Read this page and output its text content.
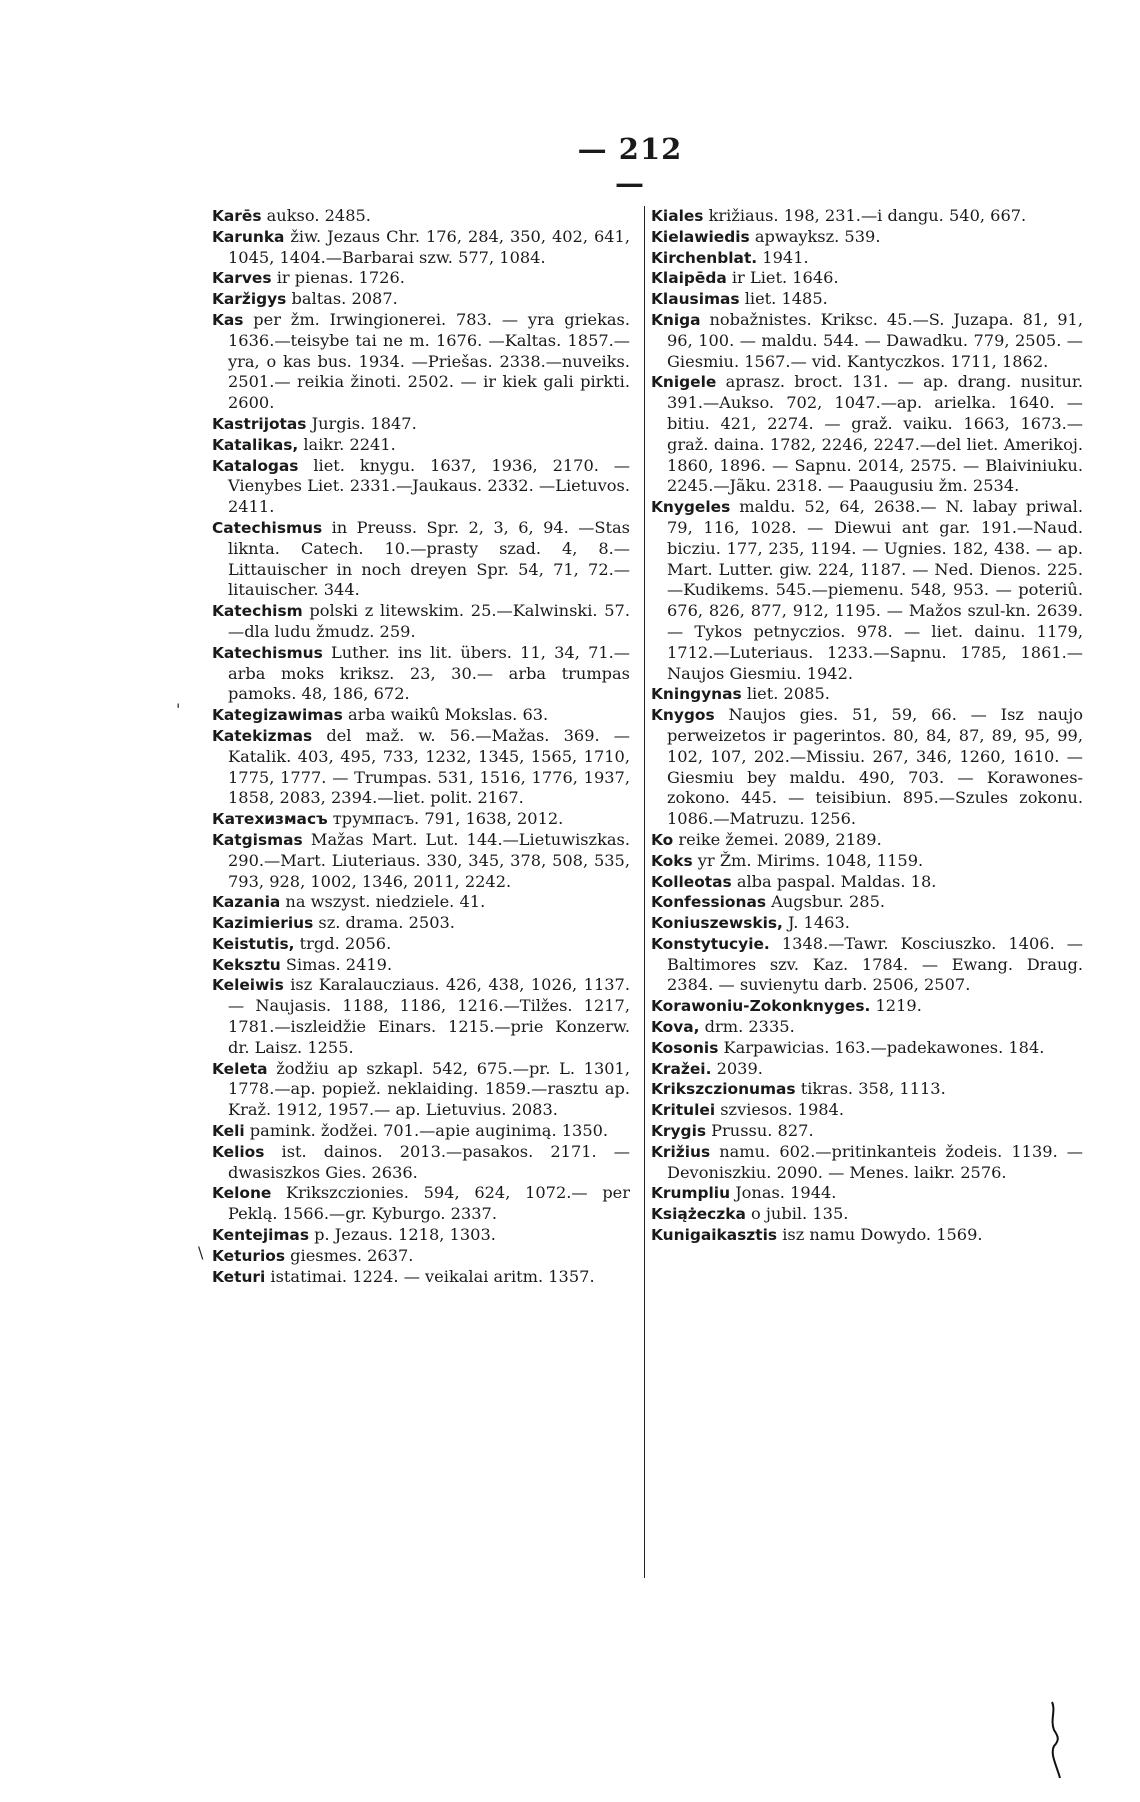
— 212 —
'
\

Karēs aukso. 2485.

Karunka žiw. Jezaus Chr. 176, 284, 350, 402, 641, 1045, 1404.—Barbarai szw. 577, 1084.

Karves ir pienas. 1726.

Karžigys baltas. 2087.

Kas per žm. Irwingionerei. 783. — yra griekas. 1636.—teisybe tai ne m. 1676. —Kaltas. 1857.—yra, o kas bus. 1934. —Priešas. 2338.—nuveiks. 2501.— reikia žinoti. 2502. — ir kiek gali pirkti. 2600.

Kastrijotas Jurgis. 1847.

Katalikas, laikr. 2241.

Katalogas liet. knygu. 1637, 1936, 2170. —Vienybes Liet. 2331.—Jaukaus. 2332. —Lietuvos. 2411.

Catechismus in Preuss. Spr. 2, 3, 6, 94. —Stas liknta. Catech. 10.—prasty szad. 4, 8.—Littauischer in noch dreyen Spr. 54, 71, 72.—litauischer. 344.

Katechism polski z litewskim. 25.—Kalwinski. 57.—dla ludu žmudz. 259.

Katechismus Luther. ins lit. übers. 11, 34, 71.—arba moks kriksz. 23, 30.— arba trumpas pamoks. 48, 186, 672.

Kategizawimas arba waikû Mokslas. 63.

Katekizmas del maž. w. 56.—Mažas. 369. —Katalik. 403, 495, 733, 1232, 1345, 1565, 1710, 1775, 1777. — Trumpas. 531, 1516, 1776, 1937, 1858, 2083, 2394.—liet. polit. 2167.

Катехизмасъ трумпасъ. 791, 1638, 2012.

Katgismas Mažas Mart. Lut. 144.—Lietuwiszkas. 290.—Mart. Liuteriaus. 330, 345, 378, 508, 535, 793, 928, 1002, 1346, 2011, 2242.

Kazania na wszyst. niedziele. 41.

Kazimierius sz. drama. 2503.

Keistutis, trgd. 2056.

Keksztu Simas. 2419.

Keleiwis isz Karalaucziaus. 426, 438, 1026, 1137. — Naujasis. 1188, 1186, 1216.—Tilžes. 1217, 1781.—iszleidžie Einars. 1215.—prie Konzerw. dr. Laisz. 1255.

Keleta žodžiu ap szkapl. 542, 675.—pr. L. 1301, 1778.—ap. popiež. neklaiding. 1859.—rasztu ap. Kraž. 1912, 1957.— ap. Lietuvius. 2083.

Keli pamink. žodžei. 701.—apie auginimą. 1350.

Kelios ist. dainos. 2013.—pasakos. 2171. —dwasiszkos Gies. 2636.

Kelone Krikszczionies. 594, 624, 1072.— per Peklą. 1566.—gr. Kyburgo. 2337.

Kentejimas p. Jezaus. 1218, 1303.

Keturios giesmes. 2637.

Keturi istatimai. 1224. — veikalai aritm. 1357.

Kiales križiaus. 198, 231.—i dangu. 540, 667.

Kielawiedis apwayksz. 539.

Kirchenblat. 1941.

Klaipēda ir Liet. 1646.

Klausimas liet. 1485.

Kniga nobažnistes. Kriksc. 45.—S. Juzapa. 81, 91, 96, 100. — maldu. 544. — Dawadku. 779, 2505. — Giesmiu. 1567.— vid. Kantyczkos. 1711, 1862.

Knigele aprasz. broct. 131. — ap. drang. nusitur. 391.—Aukso. 702, 1047.—ap. arielka. 1640. — bitiu. 421, 2274. — graž. vaiku. 1663, 1673.—graž. daina. 1782, 2246, 2247.—del liet. Amerikoj. 1860, 1896. — Sapnu. 2014, 2575. — Blaiviniuku. 2245.—Jãku. 2318. — Paaugusiu žm. 2534.

Knygeles maldu. 52, 64, 2638.— N. labay priwal. 79, 116, 1028. — Diewui ant gar. 191.—Naud. bicziu. 177, 235, 1194. — Ugnies. 182, 438. — ap. Mart. Lutter. giw. 224, 1187. — Ned. Dienos. 225.—Kudikems. 545.—piemenu. 548, 953. — poteriû. 676, 826, 877, 912, 1195. — Mažos szul-kn. 2639. — Tykos petnyczios. 978. — liet. dainu. 1179, 1712.—Luteriaus. 1233.—Sapnu. 1785, 1861.—Naujos Giesmiu. 1942.

Kningynas liet. 2085.

Knygos Naujos gies. 51, 59, 66. — Isz naujo perweizetos ir pagerintos. 80, 84, 87, 89, 95, 99, 102, 107, 202.—Missiu. 267, 346, 1260, 1610. — Giesmiu bey maldu. 490, 703. — Korawones-zokono. 445. — teisibiun. 895.—Szules zokonu. 1086.—Matruzu. 1256.

Ko reike žemei. 2089, 2189.

Koks yr Žm. Mirims. 1048, 1159.

Kolleotas alba paspal. Maldas. 18.

Konfessionas Augsbur. 285.

Koniuszewskis, J. 1463.

Konstytucyie. 1348.—Tawr. Kosciuszko. 1406. — Baltimores szv. Kaz. 1784. — Ewang. Draug. 2384. — suvienytu darb. 2506, 2507.

Korawoniu-Zokonknyges. 1219.

Kova, drm. 2335.

Kosonis Karpawicias. 163.—padekawones. 184.

Kražei. 2039.

Krikszczionumas tikras. 358, 1113.

Kritulei szviesos. 1984.

Krygis Prussu. 827.

Križius namu. 602.—pritinkanteis žodeis. 1139. — Devoniszkiu. 2090. — Menes. laikr. 2576.

Krumpliu Jonas. 1944.

Książeczka o jubil. 135.

Kunigaikasztis isz namu Dowydo. 1569.
